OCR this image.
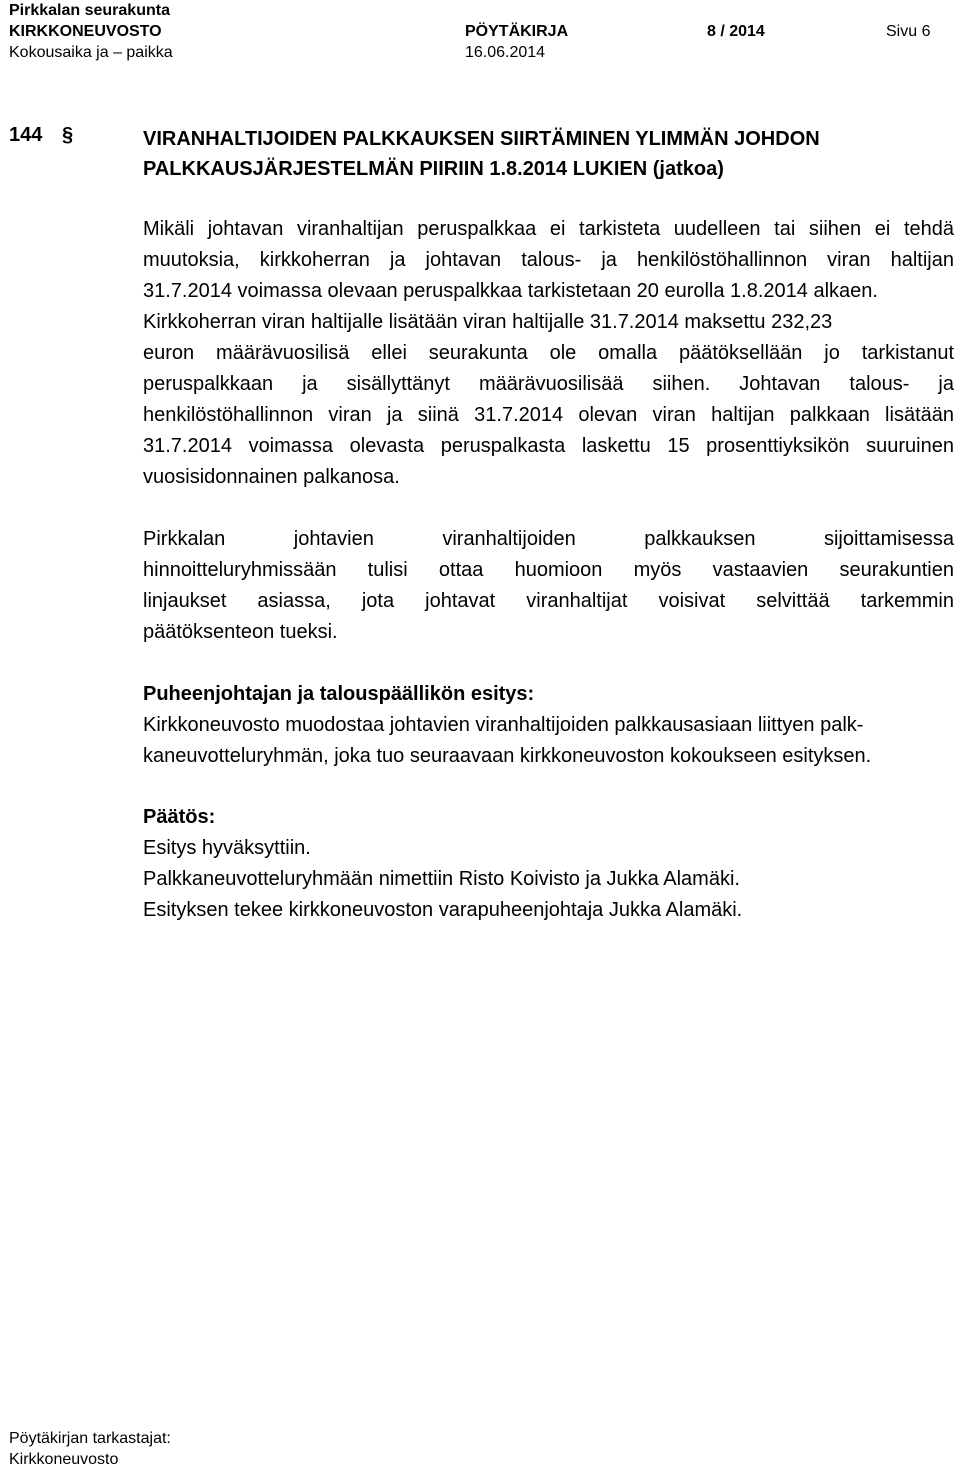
Pirkkalan seurakunta
KIRKKONEUVOSTO	PÖYTÄKIRJA	8 / 2014	Sivu 6
Kokousaika ja – paikka	16.06.2014
144 §	VIRANHALTIJOIDEN PALKKAUKSEN SIIRTÄMINEN YLIMMÄN JOHDON
PALKKAUSJÄRJESTELMÄN PIIRIIN 1.8.2014 LUKIEN (jatkoa)
Mikäli johtavan viranhaltijan peruspalkkaa ei tarkisteta uudelleen tai siihen ei tehdä
muutoksia, kirkkoherran ja johtavan talous- ja henkilöstöhallinnon viran haltijan
31.7.2014 voimassa olevaan peruspalkkaa tarkistetaan 20 eurolla 1.8.2014 alkaen.
Kirkkoherran viran haltijalle lisätään viran haltijalle 31.7.2014 maksettu 232,23
euron määrävuosilisä ellei seurakunta ole omalla päätöksellään jo tarkistanut
peruspalkkaan ja sisällyttänyt määrävuosilisää siihen. Johtavan talous- ja
henkilöstöhallinnon viran ja siinä 31.7.2014 olevan viran haltijan palkkaan lisätään
31.7.2014 voimassa olevasta peruspalkasta laskettu 15 prosenttiyksikön suuruinen
vuosisidonnainen palkanosa.
Pirkkalan johtavien viranhaltijoiden palkkauksen sijoittamisessa
hinnoitteluryhmissään tulisi ottaa huomioon myös vastaavien seurakuntien
linjaukset asiassa, jota johtavat viranhaltijat voisivat selvittää tarkemmin
päätöksenteon tueksi.
Puheenjohtajan ja talouspäällikön esitys:
Kirkkoneuvosto muodostaa johtavien viranhaltijoiden palkkausasiaan liittyen palk-
kaneuvotteluryhmän, joka tuo seuraavaan kirkkoneuvoston kokoukseen esityksen.
Päätös:
Esitys hyväksyttiin.
Palkkaneuvotteluryhmään nimettiin Risto Koivisto ja Jukka Alamäki.
Esityksen tekee kirkkoneuvoston varapuheenjohtaja Jukka Alamäki.
Pöytäkirjan tarkastajat:
Kirkkoneuvosto
